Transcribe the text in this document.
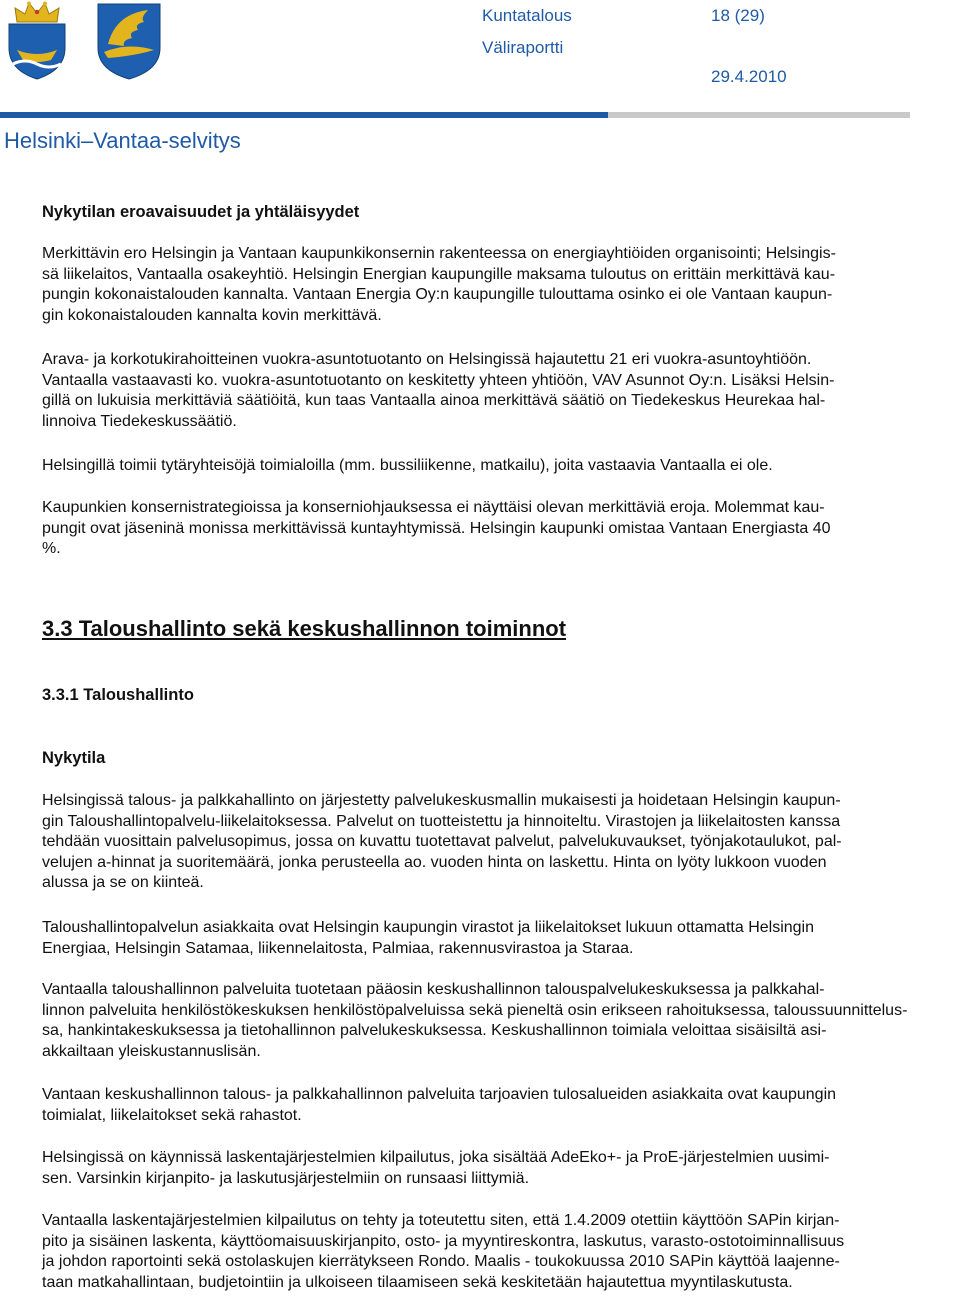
Kuntatalous	18 (29)
Väliraportti
29.4.2010
Helsinki–Vantaa-selvitys
Nykytilan eroavaisuudet ja yhtäläisyydet

Merkittävin ero Helsingin ja Vantaan kaupunkikonsernin rakenteessa on energiayhtiöiden organisointi; Helsingis-

sä liikelaitos, Vantaalla osakeyhtiö. Helsingin Energian kaupungille maksama tuloutus on erittäin merkittävä kau-

pungin kokonaistalouden kannalta. Vantaan Energia Oy:n kaupungille tulouttama osinko ei ole Vantaan kaupun-

gin kokonaistalouden kannalta kovin merkittävä.

Arava- ja korkotukirahoitteinen vuokra-asuntotuotanto on Helsingissä hajautettu 21 eri vuokra-asuntoyhtiöön.

Vantaalla vastaavasti ko. vuokra-asuntotuotanto on keskitetty yhteen yhtiöön, VAV Asunnot Oy:n. Lisäksi Helsin-

gillä on lukuisia merkittäviä säätiöitä, kun taas Vantaalla ainoa merkittävä säätiö on Tiedekeskus Heurekaa hal-

linnoiva Tiedekeskussäätiö.

Helsingillä toimii tytäryhteisöjä toimialoilla (mm. bussiliikenne, matkailu), joita vastaavia Vantaalla ei ole.

Kaupunkien konsernistrategioissa ja konserniohjauksessa ei näyttäisi olevan merkittäviä eroja. Molemmat kau-

pungit ovat jäseninä monissa merkittävissä kuntayhtymissä. Helsingin kaupunki omistaa Vantaan Energiasta 40

%.

3.3 Taloushallinto sekä keskushallinnon toiminnot
3.3.1 Taloushallinto
Nykytila

Helsingissä talous- ja palkkahallinto on järjestetty palvelukeskusmallin mukaisesti ja hoidetaan Helsingin kaupun-

gin Taloushallintopalvelu-liikelaitoksessa. Palvelut on tuotteistettu ja hinnoiteltu. Virastojen ja liikelaitosten kanssa

tehdään vuosittain palvelusopimus, jossa on kuvattu tuotettavat palvelut, palvelukuvaukset, työnjakotaulukot, pal-

velujen a-hinnat ja suoritemäärä, jonka perusteella ao. vuoden hinta on laskettu. Hinta on lyöty lukkoon vuoden

alussa ja se on kiinteä.

Taloushallintopalvelun asiakkaita ovat Helsingin kaupungin virastot ja liikelaitokset lukuun ottamatta Helsingin

Energiaa, Helsingin Satamaa, liikennelaitosta, Palmiaa, rakennusvirastoa ja Staraa.

Vantaalla taloushallinnon palveluita tuotetaan pääosin keskushallinnon talouspalvelukeskuksessa ja palkkahal-

linnon palveluita henkilöstökeskuksen henkilöstöpalveluissa sekä pieneltä osin erikseen rahoituksessa, taloussuunnittelus-

sa, hankintakeskuksessa ja tietohallinnon palvelukeskuksessa. Keskushallinnon toimiala veloittaa sisäisiltä asi-

akkailtaan yleiskustannuslisän.

Vantaan keskushallinnon talous- ja palkkahallinnon palveluita tarjoavien tulosalueiden asiakkaita ovat kaupungin

toimialat, liikelaitokset sekä rahastot.

Helsingissä on käynnissä laskentajärjestelmien kilpailutus, joka sisältää AdeEko+- ja ProE-järjestelmien uusimi-

sen. Varsinkin kirjanpito- ja laskutusjärjestelmiin on runsaasi liittymiä.

Vantaalla laskentajärjestelmien kilpailutus on tehty ja toteutettu siten, että 1.4.2009 otettiin käyttöön SAPin kirjan-

pito ja sisäinen laskenta, käyttöomaisuuskirjanpito, osto- ja myyntireskontra, laskutus, varasto-ostotoiminnallisuus

ja johdon raportointi sekä ostolaskujen kierrätykseen Rondo. Maalis - toukokuussa 2010 SAPin käyttöä laajenne-

taan matkahallintaan, budjetointiin ja ulkoiseen tilaamiseen sekä keskitetään hajautettua myyntilaskutusta.
